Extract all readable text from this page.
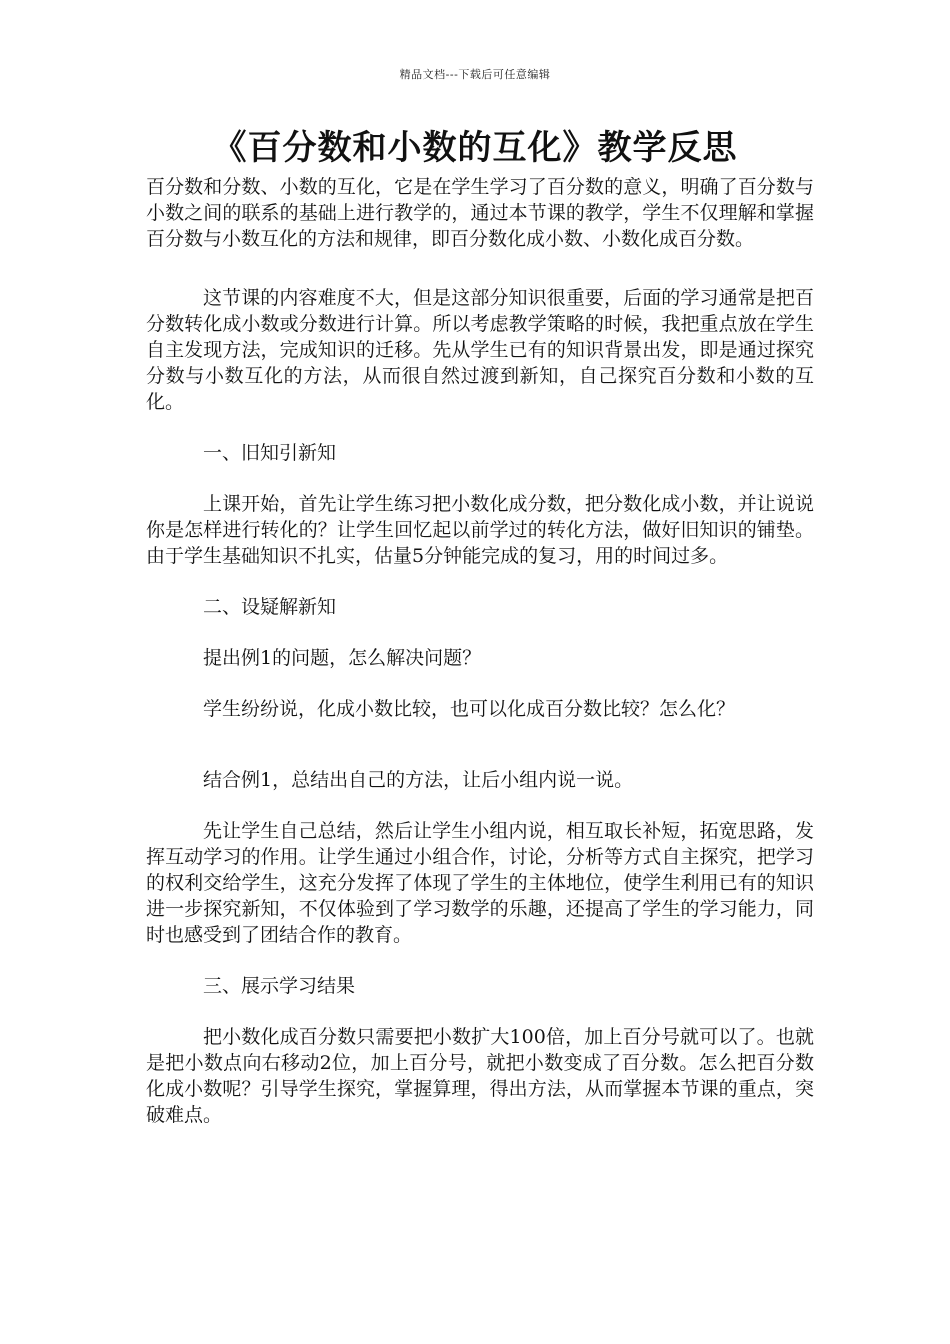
精品文档---下载后可任意编辑
《百分数和小数的互化》教学反思

百分数和分数、小数的互化，它是在学生学习了百分数的意义，明确了百分数与小数之间的联系的基础上进行教学的，通过本节课的教学，学生不仅理解和掌握百分数与小数互化的方法和规律，即百分数化成小数、小数化成百分数。

这节课的内容难度不大，但是这部分知识很重要，后面的学习通常是把百分数转化成小数或分数进行计算。所以考虑教学策略的时候，我把重点放在学生自主发现方法，完成知识的迁移。先从学生已有的知识背景出发，即是通过探究分数与小数互化的方法，从而很自然过渡到新知，自己探究百分数和小数的互化。

一、旧知引新知

上课开始，首先让学生练习把小数化成分数，把分数化成小数，并让说说你是怎样进行转化的？让学生回忆起以前学过的转化方法，做好旧知识的铺垫。由于学生基础知识不扎实，估量5分钟能完成的复习，用的时间过多。

二、设疑解新知
提出例1的问题，怎么解决问题？
学生纷纷说，化成小数比较，也可以化成百分数比较？怎么化？
结合例1，总结出自己的方法，让后小组内说一说。

先让学生自己总结，然后让学生小组内说，相互取长补短，拓宽思路，发挥互动学习的作用。让学生通过小组合作，讨论，分析等方式自主探究，把学习的权利交给学生，这充分发挥了体现了学生的主体地位，使学生利用已有的知识进一步探究新知，不仅体验到了学习数学的乐趣，还提高了学生的学习能力，同时也感受到了团结合作的教育。

三、展示学习结果

把小数化成百分数只需要把小数扩大100倍，加上百分号就可以了。也就是把小数点向右移动2位，加上百分号，就把小数变成了百分数。怎么把百分数化成小数呢？引导学生探究，掌握算理，得出方法，从而掌握本节课的重点，突破难点。
